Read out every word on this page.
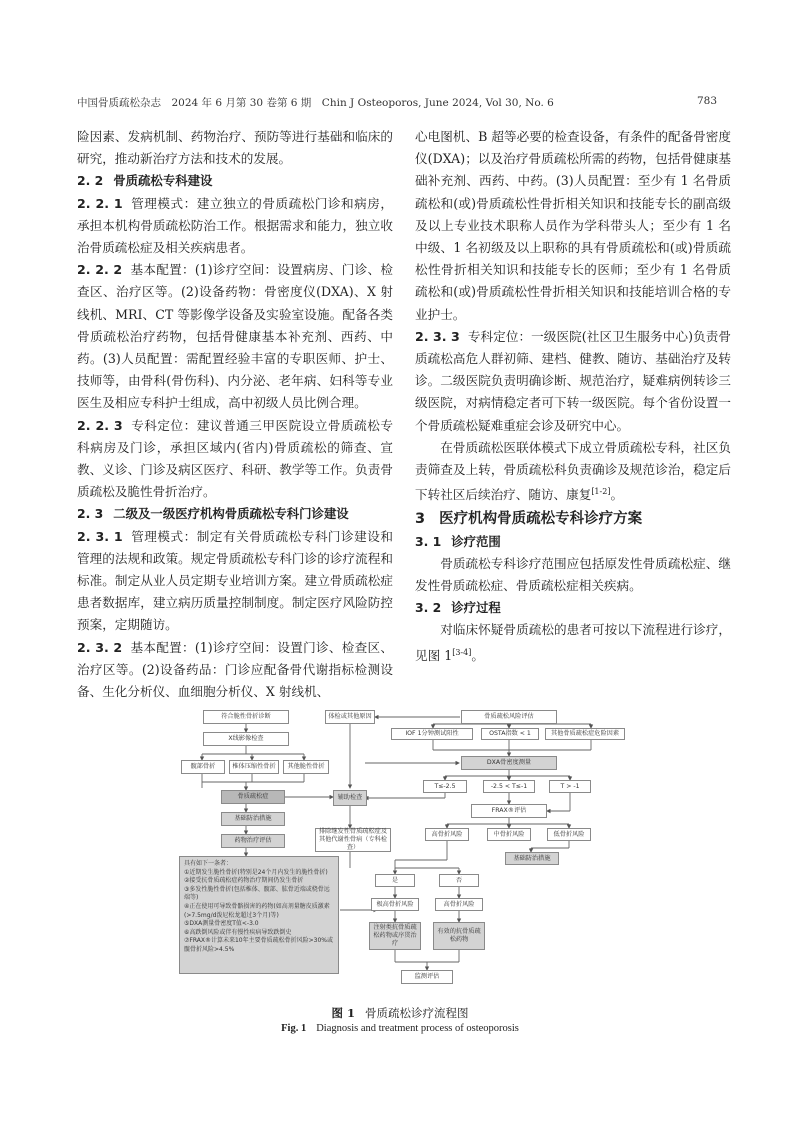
中国骨质疏松杂志　2024 年 6 月第 30 卷第 6 期　Chin J Osteoporos, June 2024, Vol 30, No. 6	783

险因素、发病机制、药物治疗、预防等进行基础和临床的研究，推动新治疗方法和技术的发展。

2. 2 骨质疏松专科建设

2. 2. 1 管理模式：建立独立的骨质疏松门诊和病房，承担本机构骨质疏松防治工作。根据需求和能力，独立收治骨质疏松症及相关疾病患者。

2. 2. 2 基本配置：(1)诊疗空间：设置病房、门诊、检查区、治疗区等。(2)设备药物：骨密度仪(DXA)、X 射线机、MRI、CT 等影像学设备及实验室设施。配备各类骨质疏松治疗药物，包括骨健康基本补充剂、西药、中药。(3)人员配置：需配置经验丰富的专职医师、护士、技师等，由骨科(骨伤科)、内分泌、老年病、妇科等专业医生及相应专科护士组成，高中初级人员比例合理。

2. 2. 3 专科定位：建议普通三甲医院设立骨质疏松专科病房及门诊，承担区域内(省内)骨质疏松的筛查、宣教、义诊、门诊及病区医疗、科研、教学等工作。负责骨质疏松及脆性骨折治疗。

2. 3 二级及一级医疗机构骨质疏松专科门诊建设

2. 3. 1 管理模式：制定有关骨质疏松专科门诊建设和管理的法规和政策。规定骨质疏松专科门诊的诊疗流程和标准。制定从业人员定期专业培训方案。建立骨质疏松症患者数据库，建立病历质量控制制度。制定医疗风险防控预案，定期随访。

2. 3. 2 基本配置：(1)诊疗空间：设置门诊、检查区、治疗区等。(2)设备药品：门诊应配备骨代谢指标检测设备、生化分析仪、血细胞分析仪、X 射线机、

心电图机、B 超等必要的检查设备，有条件的配备骨密度仪(DXA)；以及治疗骨质疏松所需的药物，包括骨健康基础补充剂、西药、中药。(3)人员配置：至少有 1 名骨质疏松和(或)骨质疏松性骨折相关知识和技能专长的副高级及以上专业技术职称人员作为学科带头人；至少有 1 名中级、1 名初级及以上职称的具有骨质疏松和(或)骨质疏松性骨折相关知识和技能专长的医师；至少有 1 名骨质疏松和(或)骨质疏松性骨折相关知识和技能培训合格的专业护士。

2. 3. 3 专科定位：一级医院(社区卫生服务中心)负责骨质疏松高危人群初筛、建档、健教、随访、基础治疗及转诊。二级医院负责明确诊断、规范治疗，疑难病例转诊三级医院，对病情稳定者可下转一级医院。每个省份设置一个骨质疏松疑难重症会诊及研究中心。

在骨质疏松医联体模式下成立骨质疏松专科，社区负责筛查及上转，骨质疏松科负责确诊及规范诊治，稳定后下转社区后续治疗、随访、康复[1-2]。

3 医疗机构骨质疏松专科诊疗方案

3. 1 诊疗范围

骨质疏松专科诊疗范围应包括原发性骨质疏松症、继发性骨质疏松症、骨质疏松症相关疾病。

3. 2 诊疗过程

对临床怀疑骨质疏松的患者可按以下流程进行诊疗，见图 1[3-4]。

符合脆性骨折诊断
X线影像检查
髋部骨折	椎体压缩性骨折	其他脆性骨折
骨质疏松症
基础防治措施
药物治疗评估
具有如下一条者：
①近期发生脆性骨折(特别是24个月内发生的脆性骨折)
②接受抗骨质疏松症药物治疗期间仍发生骨折
③多发性脆性骨折(包括椎体、髋部、肱骨近端或桡骨远端等)
④正在使用可导致骨骼损害的药物(如高剂量糖皮质激素(>7.5mg/d泼尼松龙超过3个月)等)
⑤DXA测量骨密度T值<-3.0
⑥高跌倒风险或伴有慢性疾病导致跌倒史
⑦FRAX®计算未来10年主要骨质疏松骨折风险>30%或髋骨折风险>4.5%
体检或其他原因
辅助检查
骨质疏松风险评估
IOF 1分钟测试阳性	OSTA指数 < 1	其他骨质疏松症危险因素
DXA骨密度测量
T≤-2.5	-2.5 < T≤-1	T > -1
FRAX®评估
高骨折风险	中骨折风险	低骨折风险
基础防治措施
排除继发性骨质疏松症及其他代谢性骨病（专科检查）
是	否
极高骨折风险	高骨折风险
注射类抗骨质疏松药物或序贯治疗
有效的抗骨质疏松药物
监测评估
图 1 骨质疏松诊疗流程图
Fig. 1 Diagnosis and treatment process of osteoporosis
